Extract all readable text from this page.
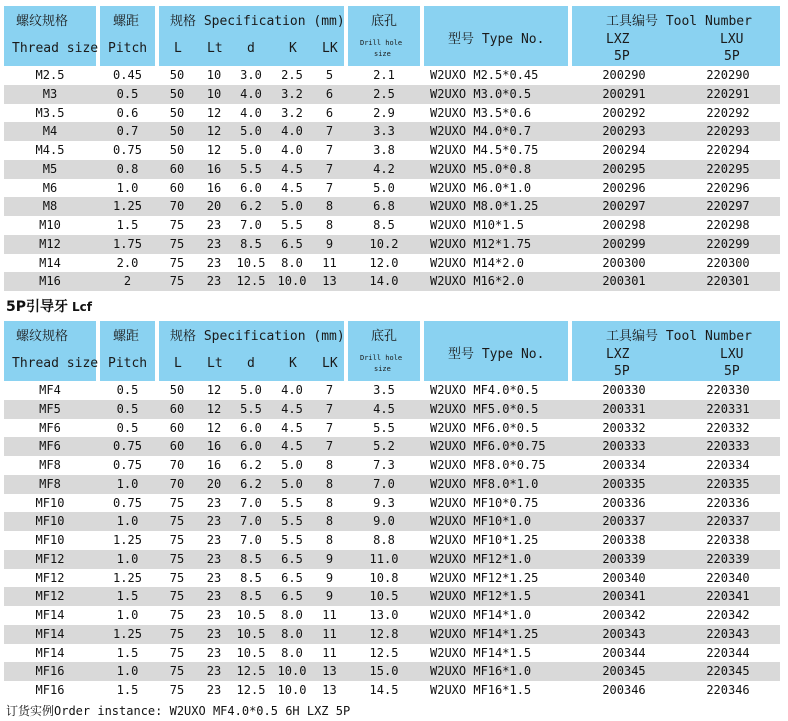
螺纹规格
Thread size
螺距
Pitch
规格 Specification (mm)
L Lt d	K LK
底孔
Drill hole
size
型号 Type No.
工具编号 Tool Number
LXZ	LXU
5P	5P
M2.5	0.45	50	10	3.0	2.5	5	2.1	W2UXO M2.5*0.45	200290	220290
M3	0.5	50	10	4.0	3.2	6	2.5	W2UXO M3.0*0.5	200291	220291
M3.5	0.6	50	12	4.0	3.2	6	2.9	W2UXO M3.5*0.6	200292	220292
M4	0.7	50	12	5.0	4.0	7	3.3	W2UXO M4.0*0.7	200293	220293
M4.5	0.75	50	12	5.0	4.0	7	3.8	W2UXO M4.5*0.75	200294	220294
M5	0.8	60	16	5.5	4.5	7	4.2	W2UXO M5.0*0.8	200295	220295
M6	1.0	60	16	6.0	4.5	7	5.0	W2UXO M6.0*1.0	200296	220296
M8	1.25	70	20	6.2	5.0	8	6.8	W2UXO M8.0*1.25	200297	220297
M10	1.5	75	23	7.0	5.5	8	8.5	W2UXO M10*1.5	200298	220298
M12	1.75	75	23	8.5	6.5	9	10.2	W2UXO M12*1.75	200299	220299
M14	2.0	75	23	10.5	8.0	11	12.0	W2UXO M14*2.0	200300	220300
M16	2	75	23	12.5	10.0	13	14.0	W2UXO M16*2.0	200301	220301
5P引导牙 Lcf
螺纹规格
Thread size
螺距
Pitch
规格 Specification (mm)
L Lt d	K LK
底孔
Drill hole
size
型号 Type No.
工具编号 Tool Number
LXZ	LXU
5P	5P
MF4	0.5	50	12	5.0	4.0	7	3.5	W2UXO MF4.0*0.5	200330	220330
MF5	0.5	60	12	5.5	4.5	7	4.5	W2UXO MF5.0*0.5	200331	220331
MF6	0.5	60	12	6.0	4.5	7	5.5	W2UXO MF6.0*0.5	200332	220332
MF6	0.75	60	16	6.0	4.5	7	5.2	W2UXO MF6.0*0.75	200333	220333
MF8	0.75	70	16	6.2	5.0	8	7.3	W2UXO MF8.0*0.75	200334	220334
MF8	1.0	70	20	6.2	5.0	8	7.0	W2UXO MF8.0*1.0	200335	220335
MF10	0.75	75	23	7.0	5.5	8	9.3	W2UXO MF10*0.75	200336	220336
MF10	1.0	75	23	7.0	5.5	8	9.0	W2UXO MF10*1.0	200337	220337
MF10	1.25	75	23	7.0	5.5	8	8.8	W2UXO MF10*1.25	200338	220338
MF12	1.0	75	23	8.5	6.5	9	11.0	W2UXO MF12*1.0	200339	220339
MF12	1.25	75	23	8.5	6.5	9	10.8	W2UXO MF12*1.25	200340	220340
MF12	1.5	75	23	8.5	6.5	9	10.5	W2UXO MF12*1.5	200341	220341
MF14	1.0	75	23	10.5	8.0	11	13.0	W2UXO MF14*1.0	200342	220342
MF14	1.25	75	23	10.5	8.0	11	12.8	W2UXO MF14*1.25	200343	220343
MF14	1.5	75	23	10.5	8.0	11	12.5	W2UXO MF14*1.5	200344	220344
MF16	1.0	75	23	12.5	10.0	13	15.0	W2UXO MF16*1.0	200345	220345
MF16	1.5	75	23	12.5	10.0	13	14.5	W2UXO MF16*1.5	200346	220346
订货实例Order instance: W2UXO MF4.0*0.5 6H LXZ 5P
